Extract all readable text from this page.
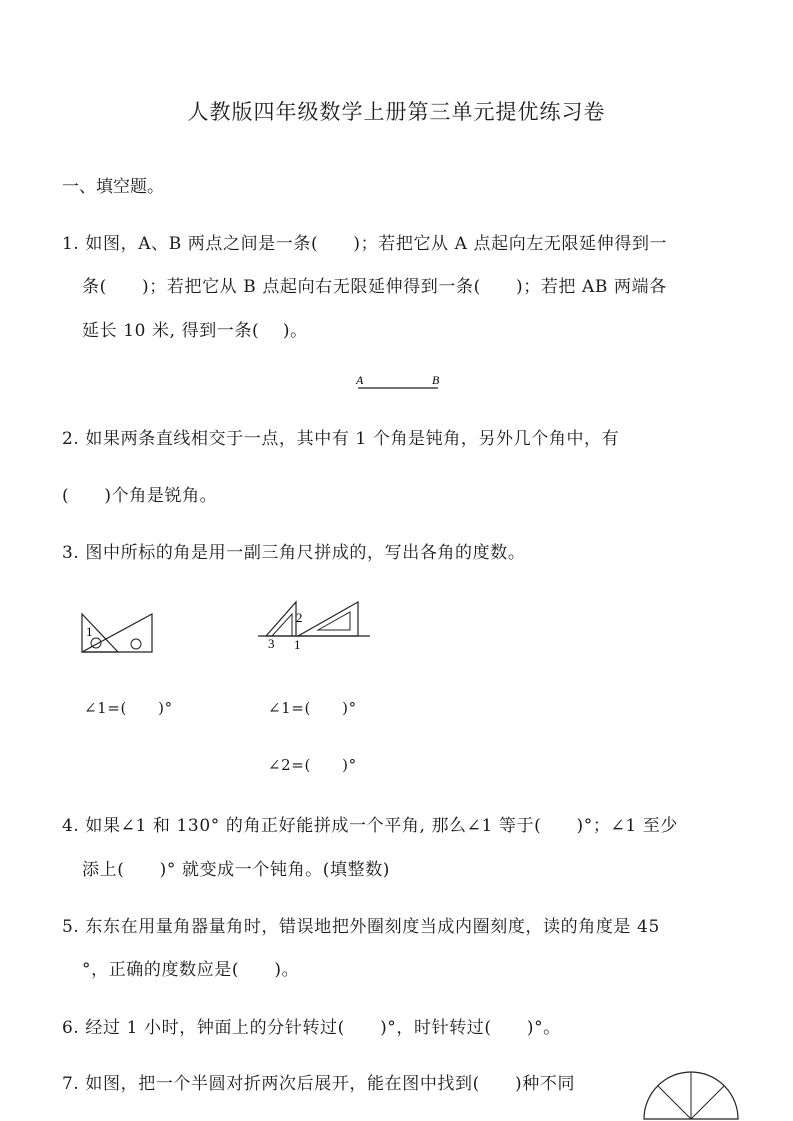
人教版四年级数学上册第三单元提优练习卷
一、填空题。
1. 如图，A、B 两点之间是一条(　　)；若把它从 A 点起向左无限延伸得到一
条(　　)；若把它从 B 点起向右无限延伸得到一条(　　)；若把 AB 两端各
延长 10 米, 得到一条(　 )。
A	B
2. 如果两条直线相交于一点，其中有 1 个角是钝角，另外几个角中，有
(　　)个角是锐角。
3. 图中所标的角是用一副三角尺拼成的，写出各角的度数。
1
2
3 1
∠1=(　　)°	∠1=(　　)°
∠2=(　　)°
4. 如果∠1 和 130° 的角正好能拼成一个平角, 那么∠1 等于(　　)°；∠1 至少
添上(　　)° 就变成一个钝角。(填整数)
5. 东东在用量角器量角时，错误地把外圈刻度当成内圈刻度，读的角度是 45
°，正确的度数应是(　　)。
6. 经过 1 小时，钟面上的分针转过(　　)°，时针转过(　　)°。
7. 如图，把一个半圆对折两次后展开，能在图中找到(　　)种不同
